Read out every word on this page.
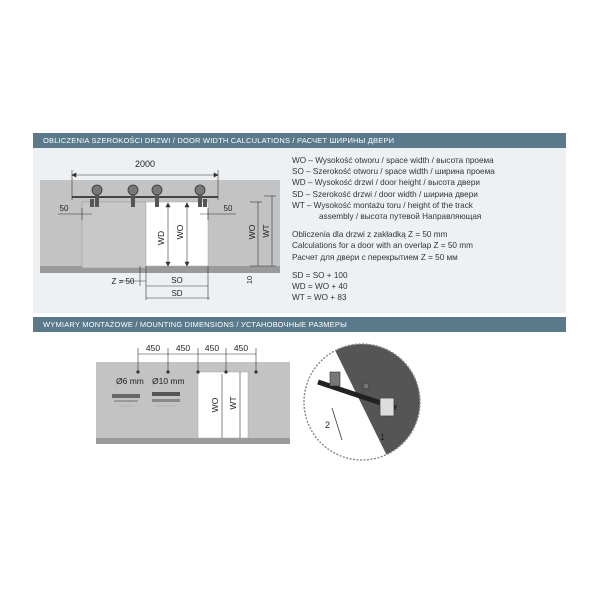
OBLICZENIA SZEROKOŚCI DRZWI / DOOR WIDTH CALCULATIONS / РАСЧЕТ ШИРИНЫ ДВЕРИ
2000
50	50
WD WO	WO WT
10
Z = 50	SO
SD
WO – Wysokość otworu / space width / высота проема
SO – Szerokość otworu / space width / ширина проема
WD – Wysokość drzwi / door height / высота двери
SD – Szerokość drzwi / door width / ширина двери
WT – Wysokość montażu toru / height of the track
assembly / высота путевой Направляющая
Obliczenia dla drzwi z zakładką Z = 50 mm
Calculations for a door with an overlap Z = 50 mm
Расчет для двери с перекрытием Z = 50 мм
SD = SO + 100
WD = WO + 40
WT = WO + 83
WYMIARY MONTAŻOWE / MOUNTING DIMENSIONS / УСТАНОВОЧНЫЕ РАЗМЕРЫ
450 450 450 450
Ø6 mm Ø10 mm
WO WT
2
1
